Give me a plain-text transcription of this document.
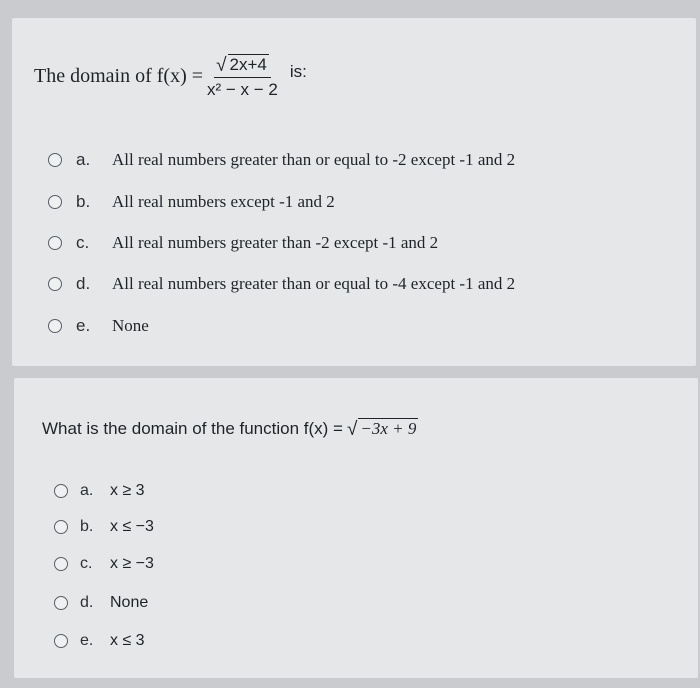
The domain of $f(x) = \frac{√ 2x+4}{\text{x² − x − 2}}$ is:
a.	All real numbers greater than or equal to -2 except -1 and 2
b.	All real numbers except -1 and 2
c.	All real numbers greater than -2 except -1 and 2
d.	All real numbers greater than or equal to -4 except -1 and 2
e.	None
What is the domain of the function f(x) = √ −3x + 9
a.	x ≥ 3
b.	x ≤ −3
c.	x ≥ −3
d.	None
e.	x ≤ 3
